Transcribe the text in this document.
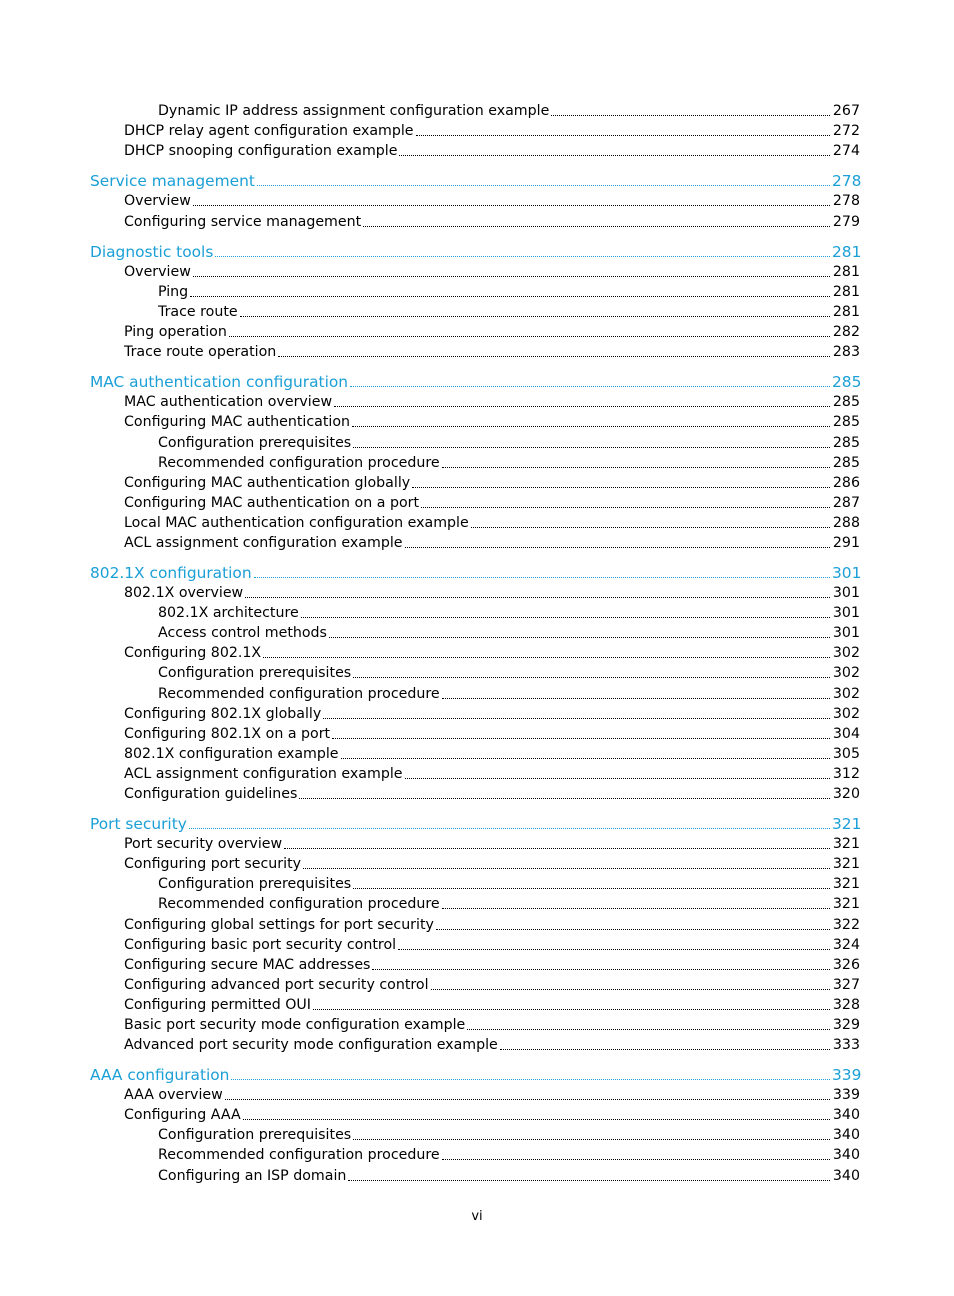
Dynamic IP address assignment configuration example	267
DHCP relay agent configuration example	272
DHCP snooping configuration example	274
Service management	278
Overview	278
Configuring service management	279
Diagnostic tools	281
Overview	281
Ping	281
Trace route	281
Ping operation	282
Trace route operation	283
MAC authentication configuration	285
MAC authentication overview	285
Configuring MAC authentication	285
Configuration prerequisites	285
Recommended configuration procedure	285
Configuring MAC authentication globally	286
Configuring MAC authentication on a port	287
Local MAC authentication configuration example	288
ACL assignment configuration example	291
802.1X configuration	301
802.1X overview	301
802.1X architecture	301
Access control methods	301
Configuring 802.1X	302
Configuration prerequisites	302
Recommended configuration procedure	302
Configuring 802.1X globally	302
Configuring 802.1X on a port	304
802.1X configuration example	305
ACL assignment configuration example	312
Configuration guidelines	320
Port security	321
Port security overview	321
Configuring port security	321
Configuration prerequisites	321
Recommended configuration procedure	321
Configuring global settings for port security	322
Configuring basic port security control	324
Configuring secure MAC addresses	326
Configuring advanced port security control	327
Configuring permitted OUI	328
Basic port security mode configuration example	329
Advanced port security mode configuration example	333
AAA configuration	339
AAA overview	339
Configuring AAA	340
Configuration prerequisites	340
Recommended configuration procedure	340
Configuring an ISP domain	340
vi
